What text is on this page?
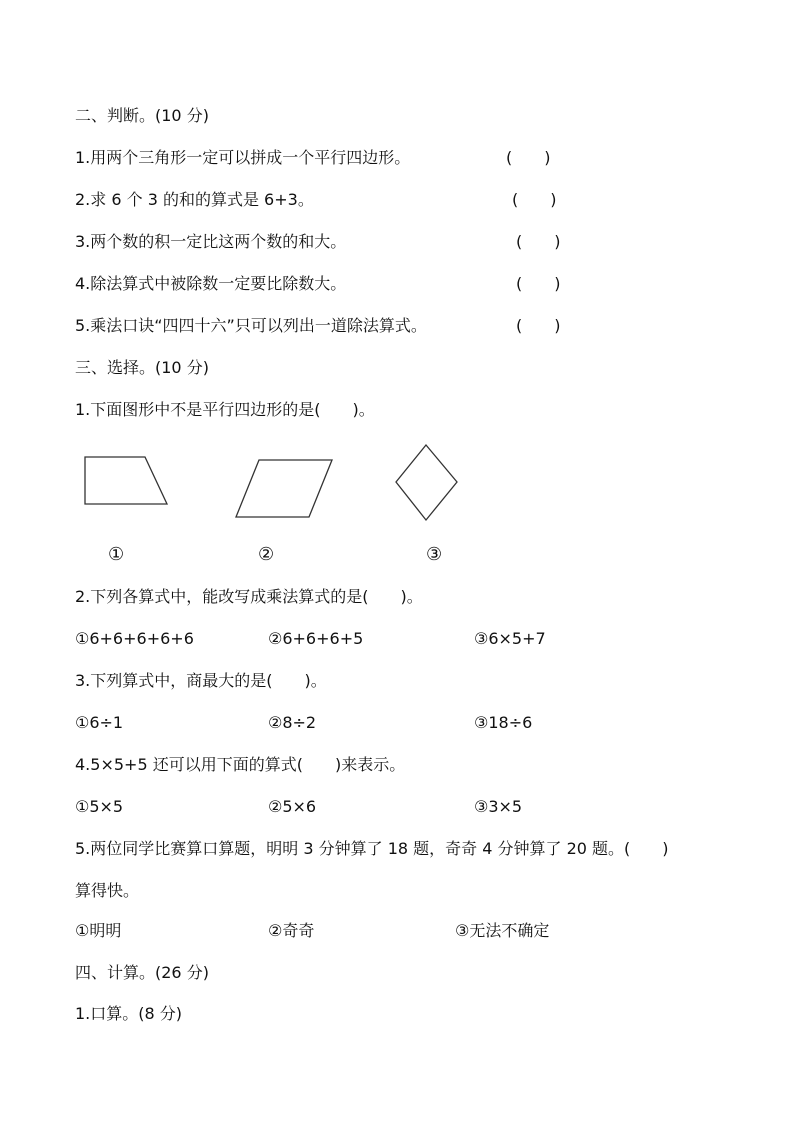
二、判断。(10 分)
1.用两个三角形一定可以拼成一个平行四边形。	(　　)
2.求 6 个 3 的和的算式是 6+3。	(　　)
3.两个数的积一定比这两个数的和大。	(　　)
4.除法算式中被除数一定要比除数大。	(　　)
5.乘法口诀“四四十六”只可以列出一道除法算式。	(　　)
三、选择。(10 分)
1.下面图形中不是平行四边形的是(　　)。
①	②	③
2.下列各算式中，能改写成乘法算式的是(　　)。
①6+6+6+6+6	②6+6+6+5	③6×5+7
3.下列算式中，商最大的是(　　)。
①6÷1	②8÷2	③18÷6
4.5×5+5 还可以用下面的算式(　　)来表示。
①5×5	②5×6	③3×5
5.两位同学比赛算口算题，明明 3 分钟算了 18 题，奇奇 4 分钟算了 20 题。(　　)
算得快。
①明明	②奇奇	③无法不确定
四、计算。(26 分)
1.口算。(8 分)
